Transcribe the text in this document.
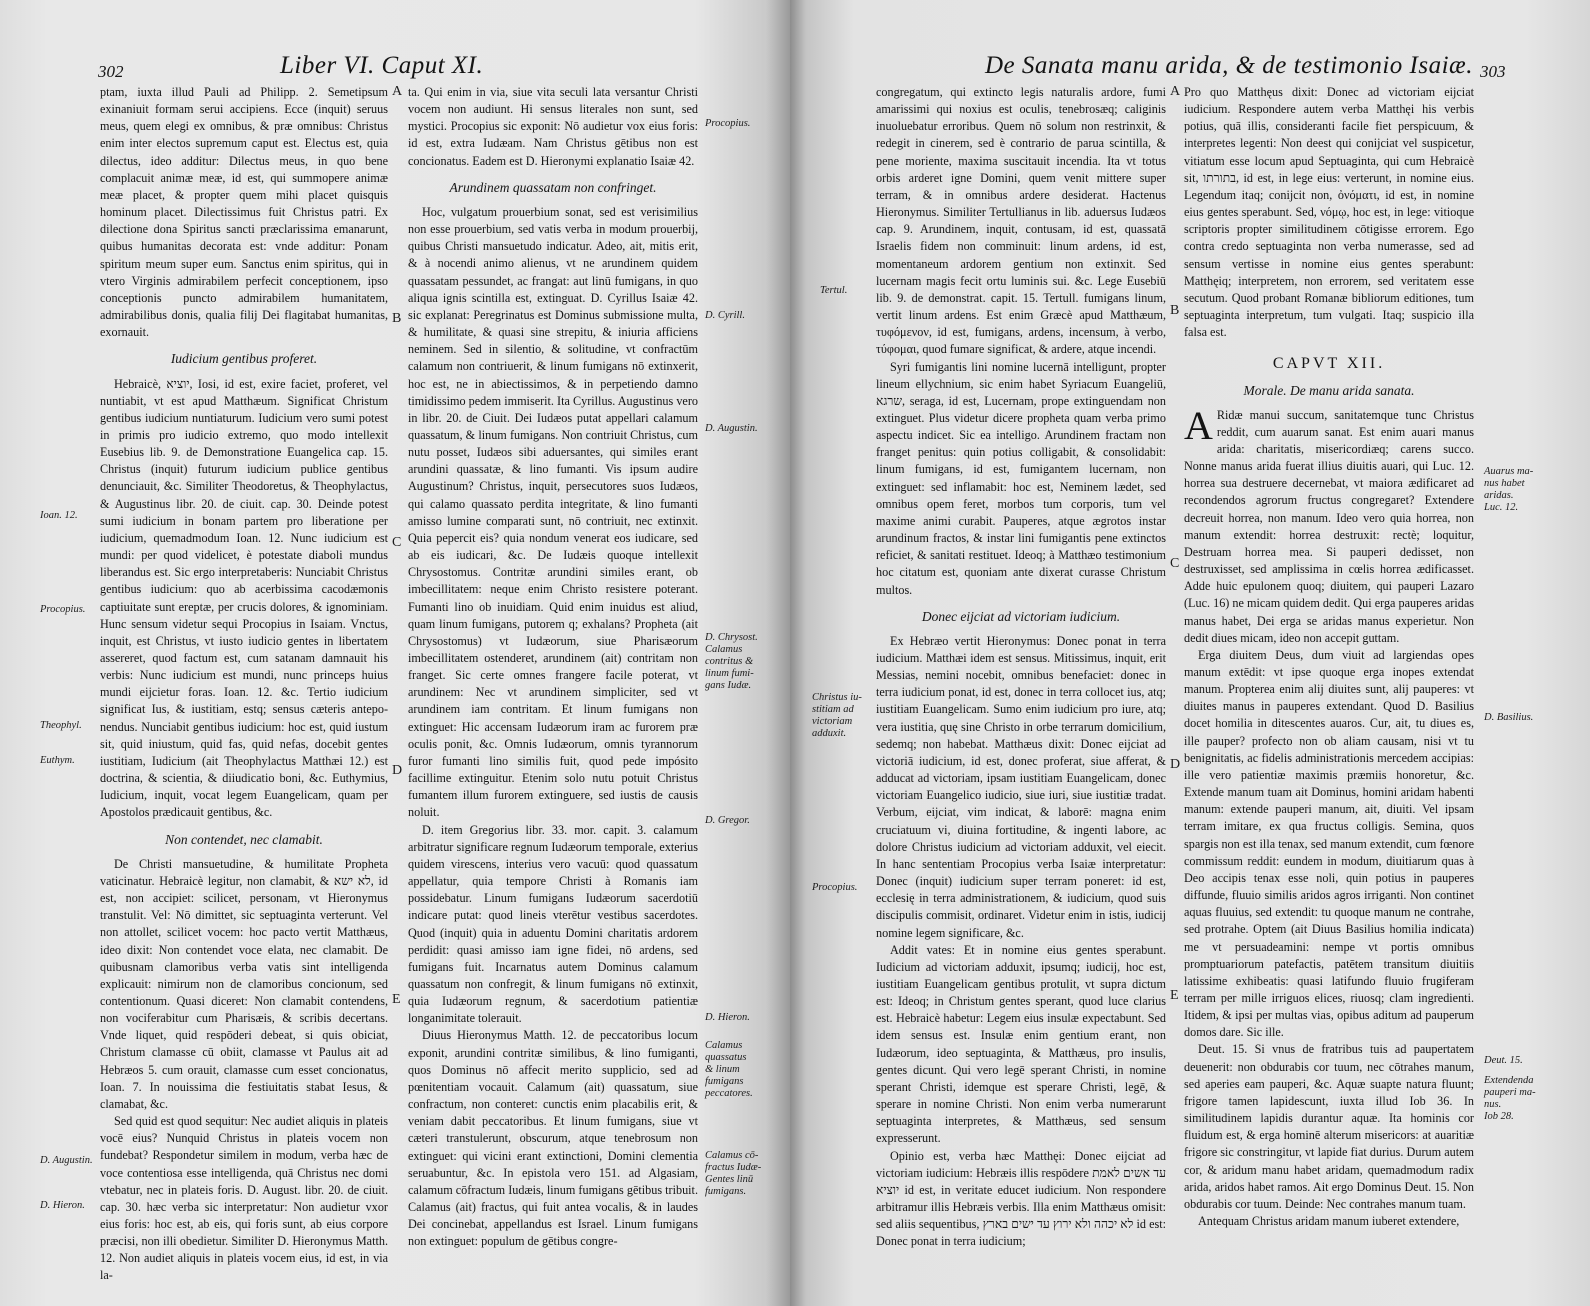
302	Liber VI. Caput XI.

ptam, iuxta illud Pauli ad Philipp. 2. Semetipsum exinaniuit formam serui accipiens. Ecce (inquit) seruus meus, quem elegi ex omnibus, & præ omnibus: Christus enim inter electos supremum caput est. Electus est, quia dilectus, ideo additur: Dilectus meus, in quo bene complacuit animæ meæ, id est, qui summopere animæ meæ placet, & propter quem mihi placet quisquis hominum placet. Dilectissimus fuit Christus patri. Ex dilectione dona Spiritus sancti præclarissima emanarunt, quibus humanitas decorata est: vnde additur: Ponam spiritum meum super eum. Sanctus enim spiritus, qui in vtero Virginis admirabilem perfecit conceptionem, ipso conceptionis puncto admirabilem humanitatem, admirabilibus donis, qualia filij Dei flagitabat humanitas, exornauit.

Iudicium gentibus proferet.

Hebraicè, יוציא, Iosi, id est, exire faciet, proferet, vel nuntiabit, vt est apud Matthæum. Significat Christum gentibus iudicium nuntiaturum. Iudicium vero sumi potest in primis pro iudicio extremo, quo modo intellexit Eusebius lib. 9. de Demonstratione Euangelica cap. 15. Christus (inquit) futurum iudicium publice gentibus denunciauit, &c. Similiter Theodoretus, & Theophylactus, & Augustinus libr. 20. de ciuit. cap. 30. Deinde potest sumi iudicium in bonam partem pro liberatione per iudicium, quemadmodum Ioan. 12. Nunc iudicium est mundi: per quod videlicet, è potestate diaboli mundus liberandus est. Sic ergo interpretaberis: Nunciabit Christus gentibus iudicium: quo ab acerbissima cacodæmonis captiuitate sunt ereptæ, per crucis dolores, & ignominiam. Hunc sensum videtur sequi Procopius in Isaiam. Vnctus, inquit, est Christus, vt iusto iudicio gentes in libertatem assereret, quod factum est, cum satanam damnauit his verbis: Nunc iudicium est mundi, nunc princeps huius mundi eijcietur foras. Ioan. 12. &c. Tertio iudicium significat Ius, & iustitiam, estq; sensus cæteris antepo-nendus. Nunciabit gentibus iudicium: hoc est, quid iustum sit, quid iniustum, quid fas, quid nefas, docebit gentes iustitiam, Iudicium (ait Theophylactus Matthæi 12.) est doctrina, & scientia, & diiudicatio boni, &c. Euthymius, Iudicium, inquit, vocat legem Euangelicam, quam per Apostolos prædicauit gentibus, &c.

Non contendet, nec clamabit.

De Christi mansuetudine, & humilitate Propheta vaticinatur. Hebraicè legitur, non clamabit, & לא ישא, id est, non accipiet: scilicet, personam, vt Hieronymus transtulit. Vel: Nō dimittet, sic septuaginta verterunt. Vel non attollet, scilicet vocem: hoc pacto vertit Matthæus, ideo dixit: Non contendet voce elata, nec clamabit. De quibusnam clamoribus verba vatis sint intelligenda explicauit: nimirum non de clamoribus concionum, sed contentionum. Quasi diceret: Non clamabit contendens, non vociferabitur cum Pharisæis, & scribis decertans. Vnde liquet, quid respōderi debeat, si quis obiciat, Christum clamasse cū obiit, clamasse vt Paulus ait ad Hebræos 5. cum orauit, clamasse cum esset concionatus, Ioan. 7. In nouissima die festiuitatis stabat Iesus, & clamabat, &c.

Sed quid est quod sequitur: Nec audiet aliquis in plateis vocē eius? Nunquid Christus in plateis vocem non fundebat? Respondetur similem in modum, verba hæc de voce contentiosa esse intelligenda, quā Christus nec domi vtebatur, nec in plateis foris. D. August. libr. 20. de ciuit. cap. 30. hæc verba sic interpretatur: Non audietur vxor eius foris: hoc est, ab eis, qui foris sunt, ab eius corpore præcisi, non illi obedietur. Similiter D. Hieronymus Matth. 12. Non audiet aliquis in plateis vocem eius, id est, in via la-

ta. Qui enim in via, siue vita seculi lata versantur Christi vocem non audiunt. Hi sensus literales non sunt, sed mystici. Procopius sic exponit: Nō audietur vox eius foris: id est, extra Iudæam. Nam Christus gētibus non est concionatus. Eadem est D. Hieronymi explanatio Isaiæ 42.

Arundinem quassatam non confringet.

Hoc, vulgatum prouerbium sonat, sed est verisimilius non esse prouerbium, sed vatis verba in modum prouerbij, quibus Christi mansuetudo indicatur. Adeo, ait, mitis erit, & à nocendi animo alienus, vt ne arundinem quidem quassatam pessundet, ac frangat: aut linū fumigans, in quo aliqua ignis scintilla est, extinguat. D. Cyrillus Isaiæ 42. sic explanat: Peregrinatus est Dominus submissione multa, & humilitate, & quasi sine strepitu, & iniuria afficiens neminem. Sed in silentio, & solitudine, vt confractūm calamum non contriuerit, & linum fumigans nō extinxerit, hoc est, ne in abiectissimos, & in perpetiendo damno timidissimo pedem immiserit. Ita Cyrillus. Augustinus vero in libr. 20. de Ciuit. Dei Iudæos putat appellari calamum quassatum, & linum fumigans. Non contriuit Christus, cum nutu posset, Iudæos sibi aduersantes, qui similes erant arundini quassatæ, & lino fumanti. Vis ipsum audire Augustinum? Christus, inquit, persecutores suos Iudæos, qui calamo quassato perdita integritate, & lino fumanti amisso lumine comparati sunt, nō contriuit, nec extinxit. Quia pepercit eis? quia nondum venerat eos iudicare, sed ab eis iudicari, &c. De Iudæis quoque intellexit Chrysostomus. Contritæ arundini similes erant, ob imbecillitatem: neque enim Christo resistere poterant. Fumanti lino ob inuidiam. Quid enim inuidus est aliud, quam linum fumigans, putorem q; exhalans? Propheta (ait Chrysostomus) vt Iudæorum, siue Pharisæorum imbecillitatem ostenderet, arundinem (ait) contritam non franget. Sic certe omnes frangere facile poterat, vt arundinem: Nec vt arundinem simpliciter, sed vt arundinem iam contritam. Et linum fumigans non extinguet: Hic accensam Iudæorum iram ac furorem præ oculis ponit, &c. Omnis Iudæorum, omnis tyrannorum furor fumanti lino similis fuit, quod pede impósito facillime extinguitur. Etenim solo nutu potuit Christus fumantem illum furorem extinguere, sed iustis de causis noluit.

D. item Gregorius libr. 33. mor. capit. 3. calamum arbitratur significare regnum Iudæorum temporale, exterius quidem virescens, interius vero vacuū: quod quassatum appellatur, quia tempore Christi à Romanis iam possidebatur. Linum fumigans Iudæorum sacerdotiū indicare putat: quod lineis vterētur vestibus sacerdotes. Quod (inquit) quia in aduentu Domini charitatis ardorem perdidit: quasi amisso iam igne fidei, nō ardens, sed fumigans fuit. Incarnatus autem Dominus calamum quassatum non confregit, & linum fumigans nō extinxit, quia Iudæorum regnum, & sacerdotium patientiæ longanimitate tolerauit.

Diuus Hieronymus Matth. 12. de peccatoribus locum exponit, arundini contritæ similibus, & lino fumiganti, quos Dominus nō affecit merito supplicio, sed ad pœnitentiam vocauit. Calamum (ait) quassatum, siue confractum, non conteret: cunctis enim placabilis erit, & veniam dabit peccatoribus. Et linum fumigans, siue vt cæteri transtulerunt, obscurum, atque tenebrosum non extinguet: qui vicini erant extinctioni, Domini clementia seruabuntur, &c. In epistola vero 151. ad Algasiam, calamum cōfractum Iudæis, linum fumigans gētibus tribuit. Calamus (ait) fractus, qui fuit antea vocalis, & in laudes Dei concinebat, appellandus est Israel. Linum fumigans non extinguet: populum de gētibus congre-

A
B
C
D
E
Ioan. 12.
Procopius.
Theophyl.
Euthym.
D. Augustin.
D. Hieron.
Procopius.
D. Cyrill.
D. Augustin.
D. Chrysost.
Calamus
contritus &
linum fumi-
gans Iudæ.
D. Gregor.
D. Hieron.
Calamus
quassatus
& linum
fumigans
peccatores.
Calamus cō-
fractus Iudæ-
Gentes linū
fumigans.
De Sanata manu arida, & de testimonio Isaiæ. 303

congregatum, qui extincto legis naturalis ardore, fumi amarissimi qui noxius est oculis, tenebrosæq; caliginis inuoluebatur erroribus. Quem nō solum non restrinxit, & redegit in cinerem, sed è contrario de parua scintilla, & pene moriente, maxima suscitauit incendia. Ita vt totus orbis arderet igne Domini, quem venit mittere super terram, & in omnibus ardere desiderat. Hactenus Hieronymus. Similiter Tertullianus in lib. aduersus Iudæos cap. 9. Arundinem, inquit, contusam, id est, quassatā Israelis fidem non comminuit: linum ardens, id est, momentaneum ardorem gentium non extinxit. Sed lucernam magis fecit ortu luminis sui. &c. Lege Eusebiū lib. 9. de demonstrat. capit. 15. Tertull. fumigans linum, vertit linum ardens. Est enim Græcè apud Matthæum, τυφόμενον, id est, fumigans, ardens, incensum, à verbo, τύφομαι, quod fumare significat, & ardere, atque incendi.

Syri fumigantis lini nomine lucernā intelligunt, propter lineum ellychnium, sic enim habet Syriacum Euangeliū, שרגא, seraga, id est, Lucernam, prope extinguendam non extinguet. Plus videtur dicere propheta quam verba primo aspectu indicet. Sic ea intelligo. Arundinem fractam non franget penitus: quin potius colligabit, & consolidabit: linum fumigans, id est, fumigantem lucernam, non extinguet: sed inflamabit: hoc est, Neminem lædet, sed omnibus opem feret, morbos tum corporis, tum vel maxime animi curabit. Pauperes, atque ægrotos instar arundinum fractos, & instar lini fumigantis pene extinctos reficiet, & sanitati restituet. Ideoq; à Matthæo testimonium hoc citatum est, quoniam ante dixerat curasse Christum multos.

Donec eijciat ad victoriam iudicium.

Ex Hebræo vertit Hieronymus: Donec ponat in terra iudicium. Matthæi idem est sensus. Mitissimus, inquit, erit Messias, nemini nocebit, omnibus benefaciet: donec in terra iudicium ponat, id est, donec in terra collocet ius, atq; iustitiam Euangelicam. Sumo enim iudicium pro iure, atq; vera iustitia, quę sine Christo in orbe terrarum domicilium, sedemq; non habebat. Matthæus dixit: Donec eijciat ad victoriā iudicium, id est, donec proferat, siue afferat, & adducat ad victoriam, ipsam iustitiam Euangelicam, donec victoriam Euangelico iudicio, siue iuri, siue iustitiæ tradat. Verbum, eijciat, vim indicat, & laborē: magna enim cruciatuum vi, diuina fortitudine, & ingenti labore, ac dolore Christus iudicium ad victoriam adduxit, vel eiecit. In hanc sententiam Procopius verba Isaiæ interpretatur: Donec (inquit) iudicium super terram poneret: id est, ecclesię in terra administrationem, & iudicium, quod suis discipulis commisit, ordinaret. Videtur enim in istis, iudicij nomine legem significare, &c.

Addit vates: Et in nomine eius gentes sperabunt. Iudicium ad victoriam adduxit, ipsumq; iudicij, hoc est, iustitiam Euangelicam gentibus protulit, vt supra dictum est: Ideoq; in Christum gentes sperant, quod luce clarius est. Hebraicè habetur: Legem eius insulæ expectabunt. Sed idem sensus est. Insulæ enim gentium erant, non Iudæorum, ideo septuaginta, & Matthæus, pro insulis, gentes dicunt. Qui vero legē sperant Christi, in nomine sperant Christi, idemque est sperare Christi, legē, & sperare in nomine Christi. Non enim verba numerarunt septuaginta interpretes, & Matthæus, sed sensum expresserunt.

Opinio est, verba hæc Matthęi: Donec eijciat ad victoriam iudicium: Hebræis illis respōdere עד אשים לאמת יוציא id est, in veritate educet iudicium. Non respondere arbitramur illis Hebræis verbis. Illa enim Matthæus omisit: sed aliis sequentibus, לא יכהה ולא ירוץ עד ישים בארץ id est: Donec ponat in terra iudicium;

Pro quo Matthęus dixit: Donec ad victoriam eijciat iudicium. Respondere autem verba Matthęi his verbis potius, quā illis, consideranti facile fiet perspicuum, & interpretes legenti: Non deest qui conijciat vel suspicetur, vitiatum esse locum apud Septuaginta, qui cum Hebraicè sit, בתורתו, id est, in lege eius: verterunt, in nomine eius. Legendum itaq; conijcit non, ὀνόματι, id est, in nomine eius gentes sperabunt. Sed, νόμῳ, hoc est, in lege: vitioque scriptoris propter similitudinem cōtigisse errorem. Ego contra credo septuaginta non verba numerasse, sed ad sensum vertisse in nomine eius gentes sperabunt: Matthęiq; interpretem, non errorem, sed veritatem esse secutum. Quod probant Romanæ bibliorum editiones, tum septuaginta interpretum, tum vulgati. Itaq; suspicio illa falsa est.

CAPVT XII.
Morale. De manu arida sanata.

A Ridæ manui succum, sanitatemque tunc Christus reddit, cum auarum sanat. Est enim auari manus arida: charitatis, misericordiæq; carens succo. Nonne manus arida fuerat illius diuitis auari, qui Luc. 12. horrea sua destruere decernebat, vt maiora ædificaret ad recondendos agrorum fructus congregaret? Extendere decreuit horrea, non manum. Ideo vero quia horrea, non manum extendit: horrea destruxit: rectè; loquitur, Destruam horrea mea. Si pauperi dedisset, non destruxisset, sed amplissima in cœlis horrea ædificasset. Adde huic epulonem quoq; diuitem, qui pauperi Lazaro (Luc. 16) ne micam quidem dedit. Qui erga pauperes aridas manus habet, Dei erga se aridas manus experietur. Non dedit diues micam, ideo non accepit guttam.

Erga diuitem Deus, dum viuit ad largiendas opes manum extēdit: vt ipse quoque erga inopes extendat manum. Propterea enim alij diuites sunt, alij pauperes: vt diuites manus in pauperes extendant. Quod D. Basilius docet homilia in ditescentes auaros. Cur, ait, tu diues es, ille pauper? profecto non ob aliam causam, nisi vt tu benignitatis, ac fidelis administrationis mercedem accipias: ille vero patientiæ maximis præmiis honoretur, &c. Extende manum tuam ait Dominus, homini aridam habenti manum: extende pauperi manum, ait, diuiti. Vel ipsam terram imitare, ex qua fructus colligis. Semina, quos spargis non est illa tenax, sed manum extendit, cum fœnore commissum reddit: eundem in modum, diuitiarum quas à Deo accipis tenax esse noli, quin potius in pauperes diffunde, fluuio similis aridos agros irriganti. Non continet aquas fluuius, sed extendit: tu quoque manum ne contrahe, sed protrahe. Optem (ait Diuus Basilius homilia indicata) me vt persuadeamini: nempe vt portis omnibus promptuariorum patefactis, patētem transitum diuitiis latissime exhibeatis: quasi latifundo fluuio frugiferam terram per mille irriguos elices, riuosq; clam ingredienti. Itidem, & ipsi per multas vias, opibus aditum ad pauperum domos dare. Sic ille.

Deut. 15. Si vnus de fratribus tuis ad paupertatem deuenerit: non obdurabis cor tuum, nec cōtrahes manum, sed aperies eam pauperi, &c. Aquæ suapte natura fluunt; frigore tamen lapidescunt, iuxta illud Iob 36. In similitudinem lapidis durantur aquæ. Ita hominis cor fluidum est, & erga hominē alterum misericors: at auaritiæ frigore sic constringitur, vt lapide fiat durius. Durum autem cor, & aridum manu habet aridam, quemadmodum radix arida, aridos habet ramos. Ait ergo Dominus Deut. 15. Non obdurabis cor tuum. Deinde: Nec contrahes manum tuam.

Antequam Christus aridam manum iuberet extendere,

A
B
C
D
E
Tertul.
Christus iu-
stitiam ad
victoriam
adduxit.
Procopius.
Auarus ma-
nus habet
aridas.
Luc. 12.
D. Basilius.
Deut. 15.
Extendenda
pauperi ma-
nus.
Iob 28.
